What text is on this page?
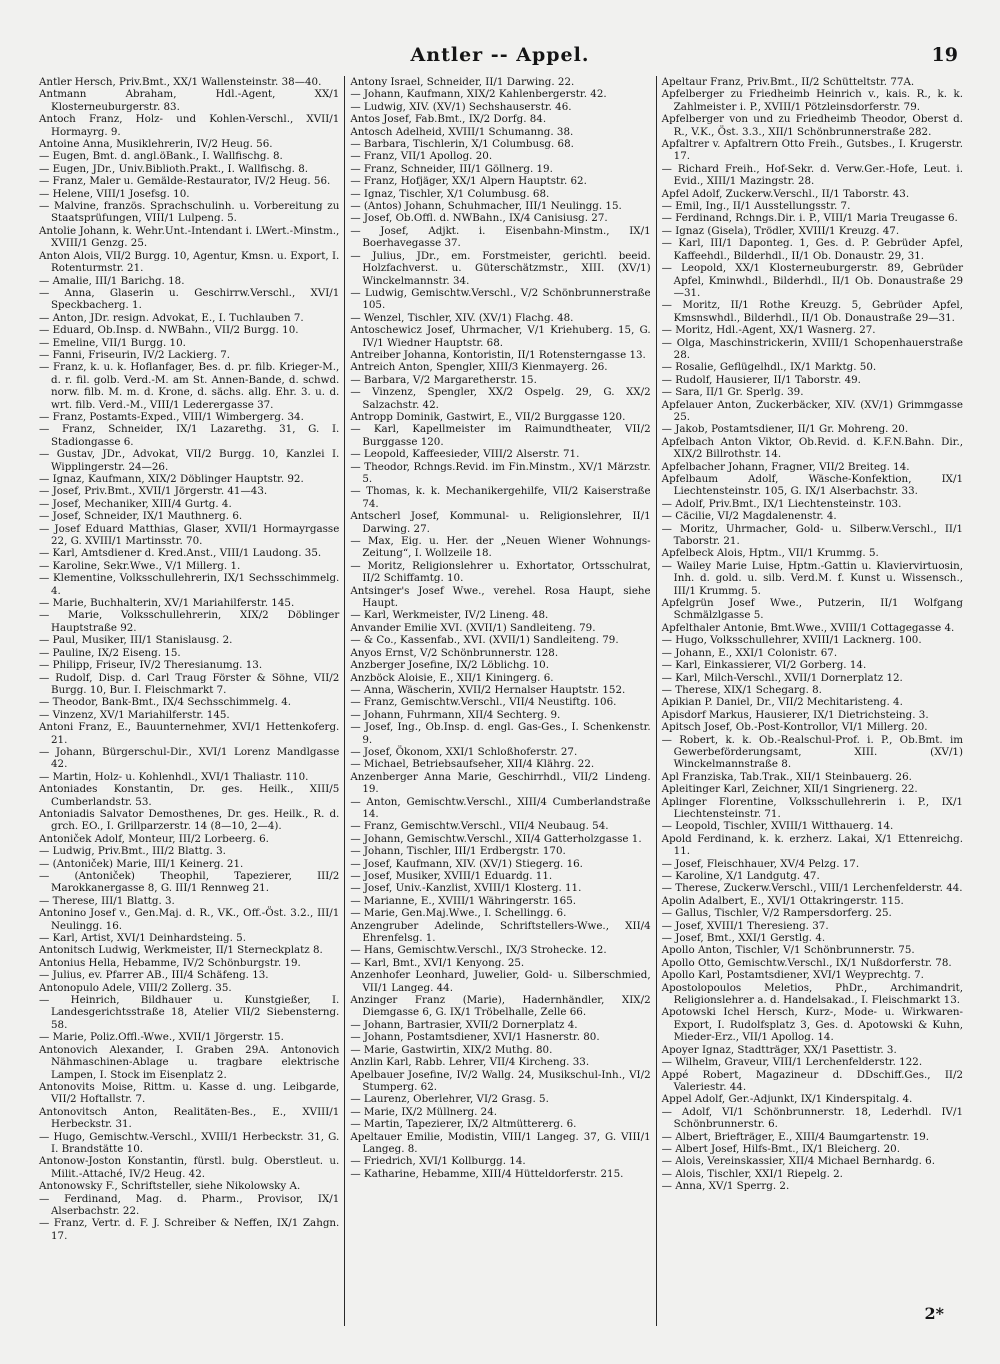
Antler -- Appel.	19
Antler Hersch, Priv.Bmt., XX/1 Wallensteinstr. 38—40.
Antmann Abraham, Hdl.-Agent, XX/1 Klosterneuburgerstr. 83.
Antoch Franz, Holz- und Kohlen-Verschl., XVII/1 Hormayrg. 9.
Antoine Anna, Musiklehrerin, IV/2 Heug. 56.
— Eugen, Bmt. d. angl.öBank., I. Wallfischg. 8.
— Eugen, JDr., Univ.Biblioth.Prakt., I. Wallfischg. 8.
— Franz, Maler u. Gemälde-Restaurator, IV/2 Heug. 56.
— Helene, VIII/1 Josefsg. 10.
— Malvine, französ. Sprachschulinh. u. Vorbereitung zu Staatsprüfungen, VIII/1 Lulpeng. 5.
Antolie Johann, k. Wehr.Unt.-Intendant i. LWert.-Minstm., XVIII/1 Genzg. 25.
Anton Alois, VII/2 Burgg. 10, Agentur, Kmsn. u. Export, I. Rotenturmstr. 21.
— Amalie, III/1 Barichg. 18.
— Anna, Glaserin u. Geschirrw.Verschl., XVI/1 Speckbacherg. 1.
— Anton, JDr. resign. Advokat, E., I. Tuchlauben 7.
— Eduard, Ob.Insp. d. NWBahn., VII/2 Burgg. 10.
— Emeline, VII/1 Burgg. 10.
— Fanni, Friseurin, IV/2 Lackierg. 7.
— Franz, k. u. k. Hoflanfager, Bes. d. pr. filb. Krieger-M., d. r. fil. golb. Verd.-M. am St. Annen-Bande, d. schwd. norw. filb. M. m. d. Krone, d. sächs. allg. Ehr. 3. u. d. wrt. filb. Verd.-M., VIII/1 Lederergasse 37.
— Franz, Postamts-Exped., VIII/1 Wimbergerg. 34.
— Franz, Schneider, IX/1 Lazarethg. 31, G. I. Stadiongasse 6.
— Gustav, JDr., Advokat, VII/2 Burgg. 10, Kanzlei I. Wipplingerstr. 24—26.
— Ignaz, Kaufmann, XIX/2 Döblinger Hauptstr. 92.
— Josef, Priv.Bmt., XVII/1 Jörgerstr. 41—43.
— Josef, Mechaniker, XIII/4 Gurtg. 4.
— Josef, Schneider, IX/1 Mauthnerg. 6.
— Josef Eduard Matthias, Glaser, XVII/1 Hormayrgasse 22, G. XVIII/1 Martinsstr. 70.
— Karl, Amtsdiener d. Kred.Anst., VIII/1 Laudong. 35.
— Karoline, Sekr.Wwe., V/1 Millerg. 1.
— Klementine, Volksschullehrerin, IX/1 Sechsschimmelg. 4.
— Marie, Buchhalterin, XV/1 Mariahilferstr. 145.
— Marie, Volksschullehrerin, XIX/2 Döblinger Hauptstraße 92.
— Paul, Musiker, III/1 Stanislausg. 2.
— Pauline, IX/2 Eiseng. 15.
— Philipp, Friseur, IV/2 Theresianumg. 13.
— Rudolf, Disp. d. Carl Traug Förster & Söhne, VII/2 Burgg. 10, Bur. I. Fleischmarkt 7.
— Theodor, Bank-Bmt., IX/4 Sechsschimmelg. 4.
— Vinzenz, XV/1 Mariahilferstr. 145.
Antoni Franz, E., Bauunternehmer, XVI/1 Hettenkoferg. 21.
— Johann, Bürgerschul-Dir., XVI/1 Lorenz Mandlgasse 42.
— Martin, Holz- u. Kohlenhdl., XVI/1 Thaliastr. 110.
Antoniades Konstantin, Dr. ges. Heilk., XIII/5 Cumberlandstr. 53.
Antoniadis Salvator Demosthenes, Dr. ges. Heilk., R. d. grch. EO., I. Grillparzerstr. 14 (8—10, 2—4).
Antoniček Adolf, Monteur, III/2 Lorbeerg. 6.
— Ludwig, Priv.Bmt., III/2 Blattg. 3.
— (Antoniček) Marie, III/1 Keinerg. 21.
— (Antoniček) Theophil, Tapezierer, III/2 Marokkanergasse 8, G. III/1 Rennweg 21.
— Therese, III/1 Blattg. 3.
Antonino Josef v., Gen.Maj. d. R., VK., Off.-Öst. 3.2., III/1 Neulingg. 16.
— Karl, Artist, XVI/1 Deinhardsteing. 5.
Antonitsch Ludwig, Werkmeister, II/1 Sterneckplatz 8.
Antonius Hella, Hebamme, IV/2 Schönburgstr. 19.
— Julius, ev. Pfarrer AB., III/4 Schäfeng. 13.
Antonopulo Adele, VIII/2 Zollerg. 35.
— Heinrich, Bildhauer u. Kunstgießer, I. Landesgerichtsstraße 18, Atelier VII/2 Siebensterng. 58.
— Marie, Poliz.Offl.-Wwe., XVII/1 Jörgerstr. 15.
Antonovich Alexander, I. Graben 29A. Antonovich Nähmaschinen-Ablage u. tragbare elektrische Lampen, I. Stock im Eisenplatz 2.
Antonovits Moise, Rittm. u. Kasse d. ung. Leibgarde, VII/2 Hoftallstr. 7.
Antonovitsch Anton, Realitäten-Bes., E., XVIII/1 Herbeckstr. 31.
— Hugo, Gemischtw.-Verschl., XVIII/1 Herbeckstr. 31, G. I. Brandstätte 10.
Antonow-Joston Konstantin, fürstl. bulg. Oberstleut. u. Milit.-Attaché, IV/2 Heug. 42.
Antonowsky F., Schriftsteller, siehe Nikolowsky A.
— Ferdinand, Mag. d. Pharm., Provisor, IX/1 Alserbachstr. 22.
— Franz, Vertr. d. F. J. Schreiber & Neffen, IX/1 Zahgn. 17.
Antony Israel, Schneider, II/1 Darwing. 22.
— Johann, Kaufmann, XIX/2 Kahlenbergerstr. 42.
— Ludwig, XIV. (XV/1) Sechshauserstr. 46.
Antos Josef, Fab.Bmt., IX/2 Dorfg. 84.
Antosch Adelheid, XVIII/1 Schumanng. 38.
— Barbara, Tischlerin, X/1 Columbusg. 68.
— Franz, VII/1 Apollog. 20.
— Franz, Schneider, III/1 Göllnerg. 19.
— Franz, Hofjäger, XX/1 Alpern Hauptstr. 62.
— Ignaz, Tischler, X/1 Columbusg. 68.
— (Antos) Johann, Schuhmacher, III/1 Neulingg. 15.
— Josef, Ob.Offl. d. NWBahn., IX/4 Canisiusg. 27.
— Josef, Adjkt. i. Eisenbahn-Minstm., IX/1 Boerhavegasse 37.
— Julius, JDr., em. Forstmeister, gerichtl. beeid. Holzfachverst. u. Güterschätzmstr., XIII. (XV/1) Winckelmannstr. 34.
— Ludwig, Gemischtw.Verschl., V/2 Schönbrunnerstraße 105.
— Wenzel, Tischler, XIV. (XV/1) Flachg. 48.
Antoschewicz Josef, Uhrmacher, V/1 Kriehuberg. 15, G. IV/1 Wiedner Hauptstr. 68.
Antreiber Johanna, Kontoristin, II/1 Rotensterngasse 13.
Antreich Anton, Spengler, XIII/3 Kienmayerg. 26.
— Barbara, V/2 Margaretherstr. 15.
— Vinzenz, Spengler, XX/2 Ospelg. 29, G. XX/2 Salzachstr. 42.
Antropp Dominik, Gastwirt, E., VII/2 Burggasse 120.
— Karl, Kapellmeister im Raimundtheater, VII/2 Burggasse 120.
— Leopold, Kaffeesieder, VIII/2 Alserstr. 71.
— Theodor, Rchngs.Revid. im Fin.Minstm., XV/1 Märzstr. 5.
— Thomas, k. k. Mechanikergehilfe, VII/2 Kaiserstraße 74.
Antscherl Josef, Kommunal- u. Religionslehrer, II/1 Darwing. 27.
— Max, Eig. u. Her. der „Neuen Wiener Wohnungs-Zeitung“, I. Wollzeile 18.
— Moritz, Religionslehrer u. Exhortator, Ortsschulrat, II/2 Schiffamtg. 10.
Antsinger's Josef Wwe., verehel. Rosa Haupt, siehe Haupt.
— Karl, Werkmeister, IV/2 Lineng. 48.
Anvander Emilie XVI. (XVII/1) Sandleiteng. 79.
— & Co., Kassenfab., XVI. (XVII/1) Sandleiteng. 79.
Anyos Ernst, V/2 Schönbrunnerstr. 128.
Anzberger Josefine, IX/2 Löblichg. 10.
Anzböck Aloisie, E., XII/1 Kiningerg. 6.
— Anna, Wäscherin, XVII/2 Hernalser Hauptstr. 152.
— Franz, Gemischtw.Verschl., VII/4 Neustiftg. 106.
— Johann, Fuhrmann, XII/4 Sechterg. 9.
— Josef, Ing., Ob.Insp. d. engl. Gas-Ges., I. Schenkenstr. 9.
— Josef, Ökonom, XXI/1 Schloßhoferstr. 27.
— Michael, Betriebsaufseher, XII/4 Klährg. 22.
Anzenberger Anna Marie, Geschirrhdl., VII/2 Lindeng. 19.
— Anton, Gemischtw.Verschl., XIII/4 Cumberlandstraße 14.
— Franz, Gemischtw.Verschl., VII/4 Neubaug. 54.
— Johann, Gemischtw.Verschl., XII/4 Gatterholzgasse 1.
— Johann, Tischler, III/1 Erdbergstr. 170.
— Josef, Kaufmann, XIV. (XV/1) Stiegerg. 16.
— Josef, Musiker, XVIII/1 Eduardg. 11.
— Josef, Univ.-Kanzlist, XVIII/1 Klosterg. 11.
— Marianne, E., XVIII/1 Währingerstr. 165.
— Marie, Gen.Maj.Wwe., I. Schellingg. 6.
Anzengruber Adelinde, Schriftstellers-Wwe., XII/4 Ehrenfelsg. 1.
— Hans, Gemischtw.Verschl., IX/3 Strohecke. 12.
— Karl, Bmt., XVI/1 Kenyong. 25.
Anzenhofer Leonhard, Juwelier, Gold- u. Silberschmied, VII/1 Langeg. 44.
Anzinger Franz (Marie), Hadernhändler, XIX/2 Diemgasse 6, G. IX/1 Tröbelhalle, Zelle 66.
— Johann, Bartrasier, XVII/2 Dornerplatz 4.
— Johann, Postamtsdiener, XVI/1 Hasnerstr. 80.
— Marie, Gastwirtin, XIX/2 Muthg. 80.
Anzlin Karl, Rabb. Lehrer, VII/4 Kircheng. 33.
Apelbauer Josefine, IV/2 Wallg. 24, Musikschul-Inh., VI/2 Stumperg. 62.
— Laurenz, Oberlehrer, VI/2 Grasg. 5.
— Marie, IX/2 Müllnerg. 24.
— Martin, Tapezierer, IX/2 Altmüttererg. 6.
Apeltauer Emilie, Modistin, VIII/1 Langeg. 37, G. VIII/1 Langeg. 8.
— Friedrich, XVI/1 Kollburgg. 14.
— Katharine, Hebamme, XIII/4 Hütteldorferstr. 215.
Apeltaur Franz, Priv.Bmt., II/2 Schütteltstr. 77A.
Apfelberger zu Friedheimb Heinrich v., kais. R., k. k. Zahlmeister i. P., XVIII/1 Pötzleinsdorferstr. 79.
Apfelberger von und zu Friedheimb Theodor, Oberst d. R., V.K., Öst. 3.3., XII/1 Schönbrunnerstraße 282.
Apfaltrer v. Apfaltrern Otto Freih., Gutsbes., I. Krugerstr. 17.
— Richard Freih., Hof-Sekr. d. Verw.Ger.-Hofe, Leut. i. Evid., XIII/1 Mazingstr. 28.
Apfel Adolf, Zuckerw.Verschl., II/1 Taborstr. 43.
— Emil, Ing., II/1 Ausstellungsstr. 7.
— Ferdinand, Rchngs.Dir. i. P., VIII/1 Maria Treugasse 6.
— Ignaz (Gisela), Trödler, XVIII/1 Kreuzg. 47.
— Karl, III/1 Daponteg. 1, Ges. d. P. Gebrüder Apfel, Kaffeehdl., Bilderhdl., II/1 Ob. Donaustr. 29, 31.
— Leopold, XX/1 Klosterneuburgerstr. 89, Gebrüder Apfel, Kminwhdl., Bilderhdl., II/1 Ob. Donaustraße 29—31.
— Moritz, II/1 Rothe Kreuzg. 5, Gebrüder Apfel, Kmsnswhdl., Bilderhdl., II/1 Ob. Donaustraße 29—31.
— Moritz, Hdl.-Agent, XX/1 Wasnerg. 27.
— Olga, Maschinstrickerin, XVIII/1 Schopenhauerstraße 28.
— Rosalie, Geflügelhdl., IX/1 Marktg. 50.
— Rudolf, Hausierer, II/1 Taborstr. 49.
— Sara, II/1 Gr. Sperlg. 39.
Apfelauer Anton, Zuckerbäcker, XIV. (XV/1) Grimmgasse 25.
— Jakob, Postamtsdiener, II/1 Gr. Mohreng. 20.
Apfelbach Anton Viktor, Ob.Revid. d. K.F.N.Bahn. Dir., XIX/2 Billrothstr. 14.
Apfelbacher Johann, Fragner, VII/2 Breiteg. 14.
Apfelbaum Adolf, Wäsche-Konfektion, IX/1 Liechtensteinstr. 105, G. IX/1 Alserbachstr. 33.
— Adolf, Priv.Bmt., IX/1 Liechtensteinstr. 103.
— Cäcilie, VI/2 Magdalenenstr. 4.
— Moritz, Uhrmacher, Gold- u. Silberw.Verschl., II/1 Taborstr. 21.
Apfelbeck Alois, Hptm., VII/1 Krummg. 5.
— Wailey Marie Luise, Hptm.-Gattin u. Klaviervirtuosin, Inh. d. gold. u. silb. Verd.M. f. Kunst u. Wissensch., III/1 Krummg. 5.
Apfelgrün Josef Wwe., Putzerin, II/1 Wolfgang Schmälzlgasse 5.
Apfelthaler Antonie, Bmt.Wwe., XVIII/1 Cottagegasse 4.
— Hugo, Volksschullehrer, XVIII/1 Lacknerg. 100.
— Johann, E., XXI/1 Colonistr. 67.
— Karl, Einkassierer, VI/2 Gorberg. 14.
— Karl, Milch-Verschl., XVII/1 Dornerplatz 12.
— Therese, XIX/1 Schegarg. 8.
Apikian P. Daniel, Dr., VII/2 Mechitaristeng. 4.
Apisdorf Markus, Hausierer, IX/1 Dietrichsteing. 3.
Apitsch Josef, Ob.-Post-Kontrollor, VI/1 Millerg. 20.
— Robert, k. k. Ob.-Realschul-Prof. i. P., Ob.Bmt. im Gewerbeförderungsamt, XIII. (XV/1) Winckelmannstraße 8.
Apl Franziska, Tab.Trak., XII/1 Steinbauerg. 26.
Apleitinger Karl, Zeichner, XII/1 Singrienerg. 22.
Aplinger Florentine, Volksschullehrerin i. P., IX/1 Liechtensteinstr. 71.
— Leopold, Tischler, XVIII/1 Witthauerg. 14.
Apold Ferdinand, k. k. erzherz. Lakai, X/1 Ettenreichg. 11.
— Josef, Fleischhauer, XV/4 Pelzg. 17.
— Karoline, X/1 Landgutg. 47.
— Therese, Zuckerw.Verschl., VIII/1 Lerchenfelderstr. 44.
Apolin Adalbert, E., XVI/1 Ottakringerstr. 115.
— Gallus, Tischler, V/2 Rampersdorferg. 25.
— Josef, XVIII/1 Theresieng. 37.
— Josef, Bmt., XXI/1 Gerstlg. 4.
Apollo Anton, Tischler, V/1 Schönbrunnerstr. 75.
Apollo Otto, Gemischtw.Verschl., IX/1 Nußdorferstr. 78.
Apollo Karl, Postamtsdiener, XVI/1 Weyprechtg. 7.
Apostolopoulos Meletios, PhDr., Archimandrit, Religionslehrer a. d. Handelsakad., I. Fleischmarkt 13.
Apotowski Ichel Hersch, Kurz-, Mode- u. Wirkwaren-Export, I. Rudolfsplatz 3, Ges. d. Apotowski & Kuhn, Mieder-Erz., VII/1 Apollog. 14.
Apoyer Ignaz, Stadtträger, XX/1 Pasettistr. 3.
— Wilhelm, Graveur, VIII/1 Lerchenfelderstr. 122.
Appé Robert, Magazineur d. DDschiff.Ges., II/2 Valeriestr. 44.
Appel Adolf, Ger.-Adjunkt, IX/1 Kinderspitalg. 4.
— Adolf, VI/1 Schönbrunnerstr. 18, Lederhdl. IV/1 Schönbrunnerstr. 6.
— Albert, Briefträger, E., XIII/4 Baumgartenstr. 19.
— Albert Josef, Hilfs-Bmt., IX/1 Bleicherg. 20.
— Alois, Vereinskassier, XII/4 Michael Bernhardg. 6.
— Alois, Tischler, XXI/1 Riepelg. 2.
— Anna, XV/1 Sperrg. 2.
2*
